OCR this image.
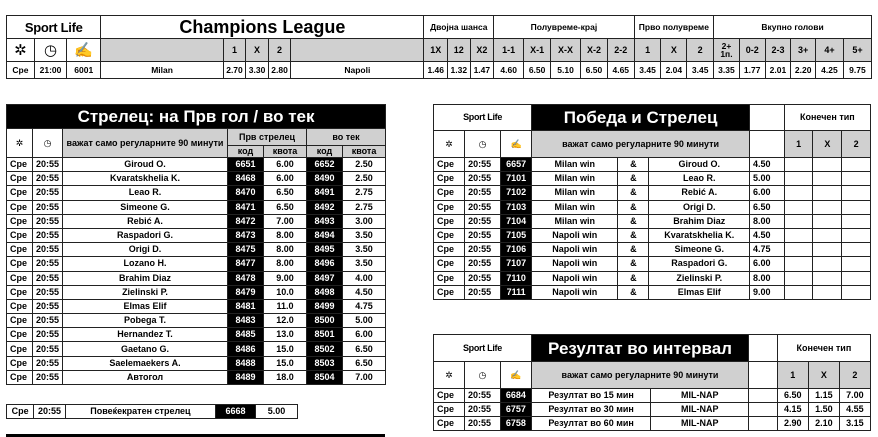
Sport Life			Champions League					Двојна шанса			Полувреме-крај					Прво полувреме			Вкупно голови					
✲	◷	✍		1	X	2		1X	12	X2	1-1	X-1	X-X	X-2	2-2	1	X	2	2+ 1п.	0-2	2-3	3+	4+	5+
Сре	21:00	6001	Milan	2.70	3.30	2.80	Napoli	1.46	1.32	1.47	4.60	6.50	5.10	6.50	4.65	3.45	2.04	3.45	3.35	1.77	2.01	2.20	4.25	9.75
Стрелец: на Прв гол / во тек						
✲	◷	важат само регуларните 90 минути	Прв стрелец		во тек	
			код	квота	код	квота
Сре	20:55	Giroud O.	6651	6.00	6652	2.50
Сре	20:55	Kvaratskhelia K.	8468	6.00	8490	2.50
Сре	20:55	Leao R.	8470	6.50	8491	2.75
Сре	20:55	Simeone G.	8471	6.50	8492	2.75
Сре	20:55	Rebić A.	8472	7.00	8493	3.00
Сре	20:55	Raspadori G.	8473	8.00	8494	3.50
Сре	20:55	Origi D.	8475	8.00	8495	3.50
Сре	20:55	Lozano H.	8477	8.00	8496	3.50
Сре	20:55	Brahim Diaz	8478	9.00	8497	4.00
Сре	20:55	Zielinski P.	8479	10.0	8498	4.50
Сре	20:55	Elmas Elif	8481	11.0	8499	4.75
Сре	20:55	Pobega T.	8483	12.0	8500	5.00
Сре	20:55	Hernandez T.	8485	13.0	8501	6.00
Сре	20:55	Gaetano G.	8486	15.0	8502	6.50
Сре	20:55	Saelemaekers A.	8488	15.0	8503	6.50
Сре	20:55	Автогол	8489	18.0	8504	7.00
Сре	20:55	Повеќекратен стрелец	6668	5.00
Sport Life			Победа и Стрелец				Конечен тип		
✲	◷	✍	важат само регуларните 90 минути				1	X	2
Сре	20:55	6657	Milan win	&	Giroud O.	4.50			
Сре	20:55	7101	Milan win	&	Leao R.	5.00			
Сре	20:55	7102	Milan win	&	Rebić A.	6.00			
Сре	20:55	7103	Milan win	&	Origi D.	6.50			
Сре	20:55	7104	Milan win	&	Brahim Diaz	8.00			
Сре	20:55	7105	Napoli win	&	Kvaratskhelia K.	4.50			
Сре	20:55	7106	Napoli win	&	Simeone G.	4.75			
Сре	20:55	7107	Napoli win	&	Raspadori G.	6.00			
Сре	20:55	7110	Napoli win	&	Zielinski P.	8.00			
Сре	20:55	7111	Napoli win	&	Elmas Elif	9.00			
Sport Life			Резултат во интервал			Конечен тип		
✲	◷	✍	важат само регуларните 90 минути			1	X	2
Сре	20:55	6684	Резултат во 15 мин	MIL-NAP		6.50	1.15	7.00
Сре	20:55	6757	Резултат во 30 мин	MIL-NAP		4.15	1.50	4.55
Сре	20:55	6758	Резултат во 60 мин	MIL-NAP		2.90	2.10	3.15
